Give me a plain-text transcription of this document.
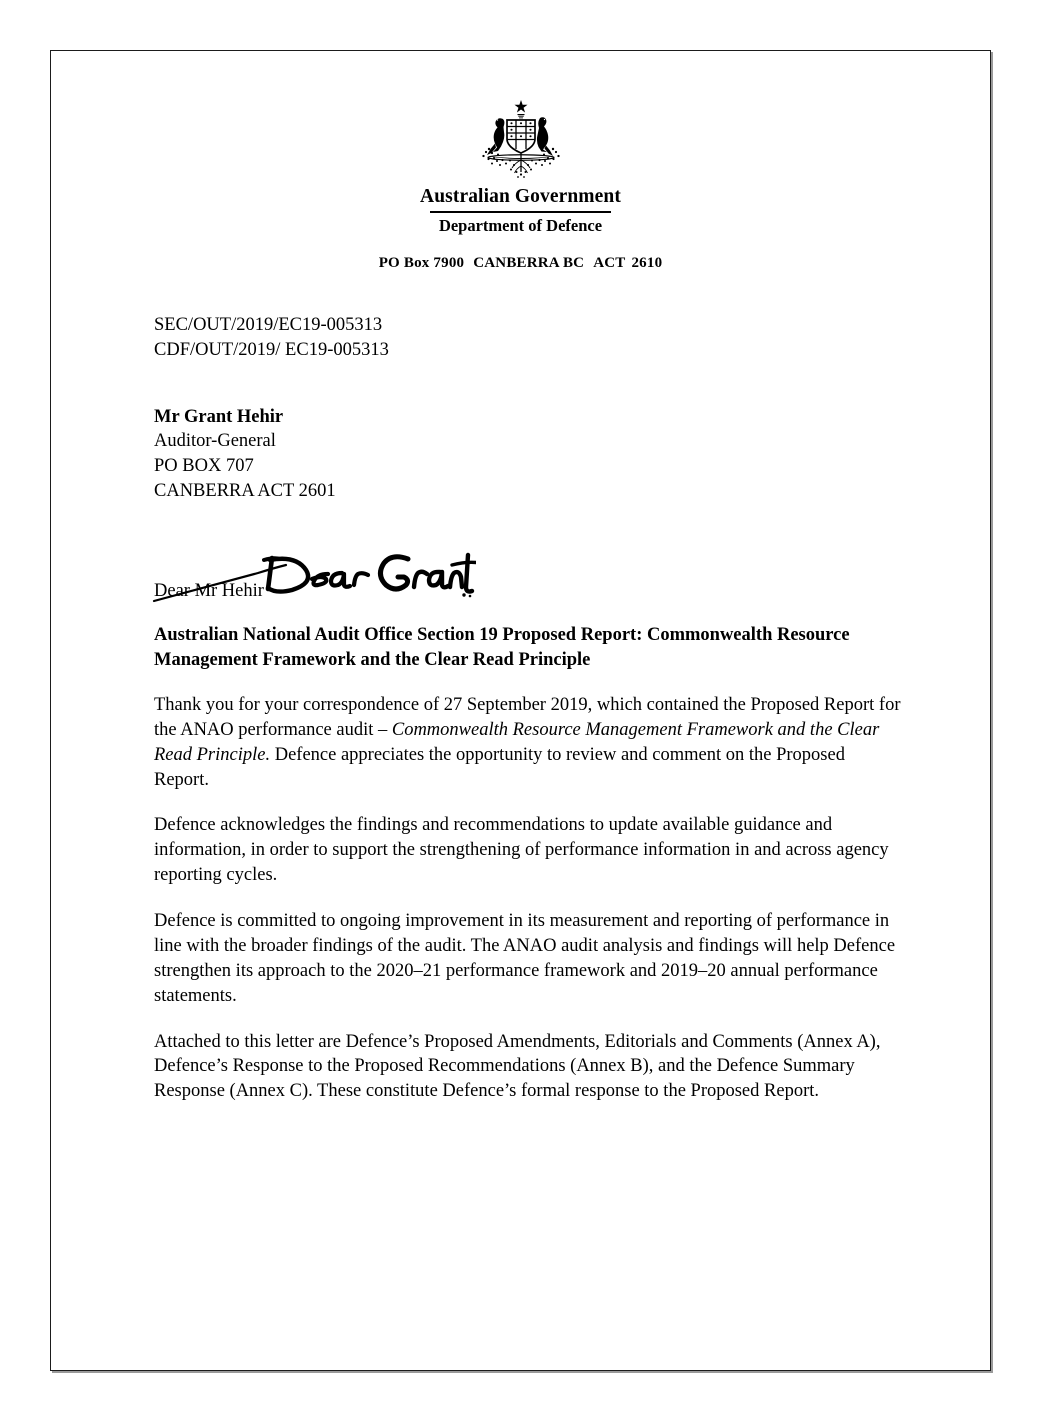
Australian Government
Department of Defence
PO Box 7900 CANBERRA BC ACT 2610
SEC/OUT/2019/EC19-005313
CDF/OUT/2019/ EC19-005313
Mr Grant Hehir
Auditor-General
PO BOX 707
CANBERRA ACT 2601
Dear Mr Hehir
Australian National Audit Office Section 19 Proposed Report: Commonwealth Resource Management Framework and the Clear Read Principle

Thank you for your correspondence of 27 September 2019, which contained the Proposed Report for the ANAO performance audit – Commonwealth Resource Management Framework and the Clear Read Principle. Defence appreciates the opportunity to review and comment on the Proposed Report.

Defence acknowledges the findings and recommendations to update available guidance and information, in order to support the strengthening of performance information in and across agency reporting cycles.

Defence is committed to ongoing improvement in its measurement and reporting of performance in line with the broader findings of the audit. The ANAO audit analysis and findings will help Defence strengthen its approach to the 2020–21 performance framework and 2019–20 annual performance statements.

Attached to this letter are Defence’s Proposed Amendments, Editorials and Comments (Annex A), Defence’s Response to the Proposed Recommendations (Annex B), and the Defence Summary Response (Annex C). These constitute Defence’s formal response to the Proposed Report.
